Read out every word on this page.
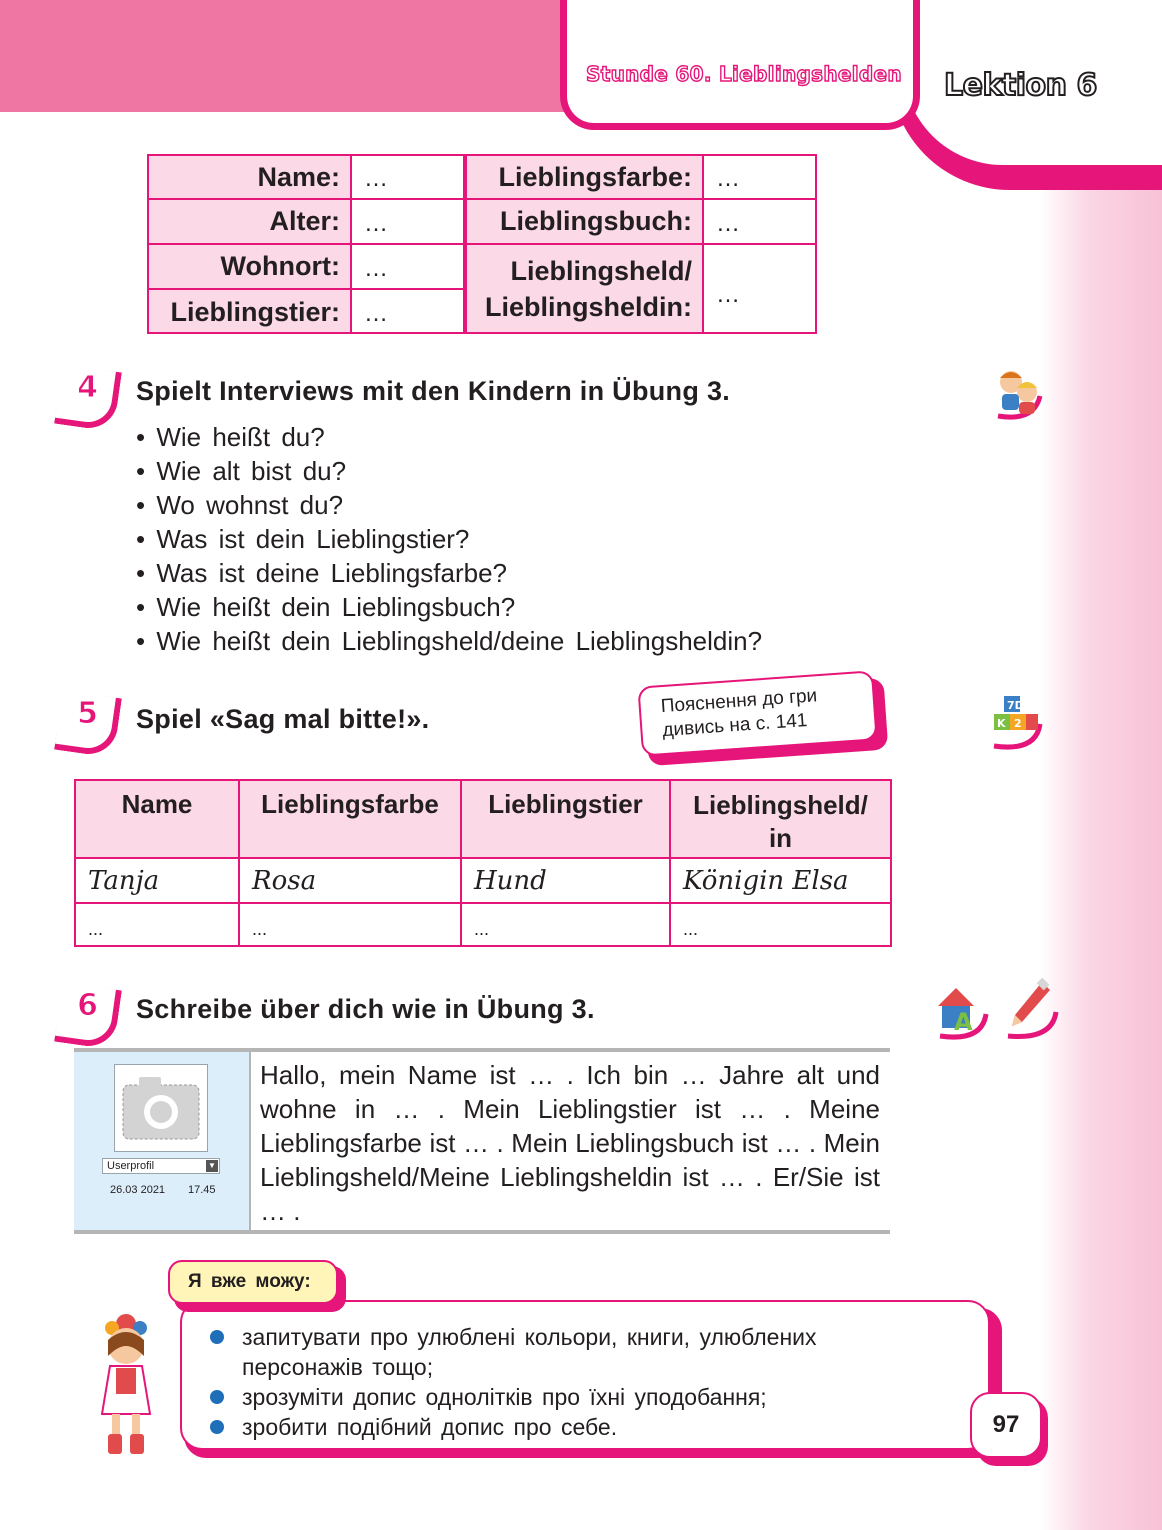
Stunde 60. Lieblingshelden Lektion 6
Name:	…	Lieblingsfarbe:	…
Alter:	…	Lieblingsbuch:	…
Wohnort:	…
Lieblingstier:	…
Lieblingsheld/
Lieblingsheldin:	…
4 Spielt Interviews mit den Kindern in Übung 3.
• Wie heißt du?
• Wie alt bist du?
• Wo wohnst du?
• Was ist dein Lieblingstier?
• Was ist deine Lieblingsfarbe?
• Wie heißt dein Lieblingsbuch?
• Wie heißt dein Lieblingsheld/deine Lieblingsheldin?
5 Spiel «Sag mal bitte!».
Пояснення до гри
дивись на с. 141
7D
K 2
Name	Lieblingsfarbe	Lieblingstier	Lieblingsheld/
in
Tanja	Rosa	Hund	Königin Elsa
...	...	...	...
6 Schreibe über dich wie in Übung 3.	A
Userprofil	▼
26.03 2021 17.45
Hallo, mein Name ist … . Ich bin … Jahre alt und wohne in … . Mein Lieblingstier ist … . Meine Lieblingsfarbe ist … . Mein Lieblingsbuch ist … . Mein Lieblingsheld/Meine Lieblingsheldin ist … . Er/Sie ist … .
Я вже можу:
запитувати про улюблені кольори, книги, улюблених персонажів тощо;
зрозуміти допис однолітків про їхні уподобання;
зробити подібний допис про себе.	97
